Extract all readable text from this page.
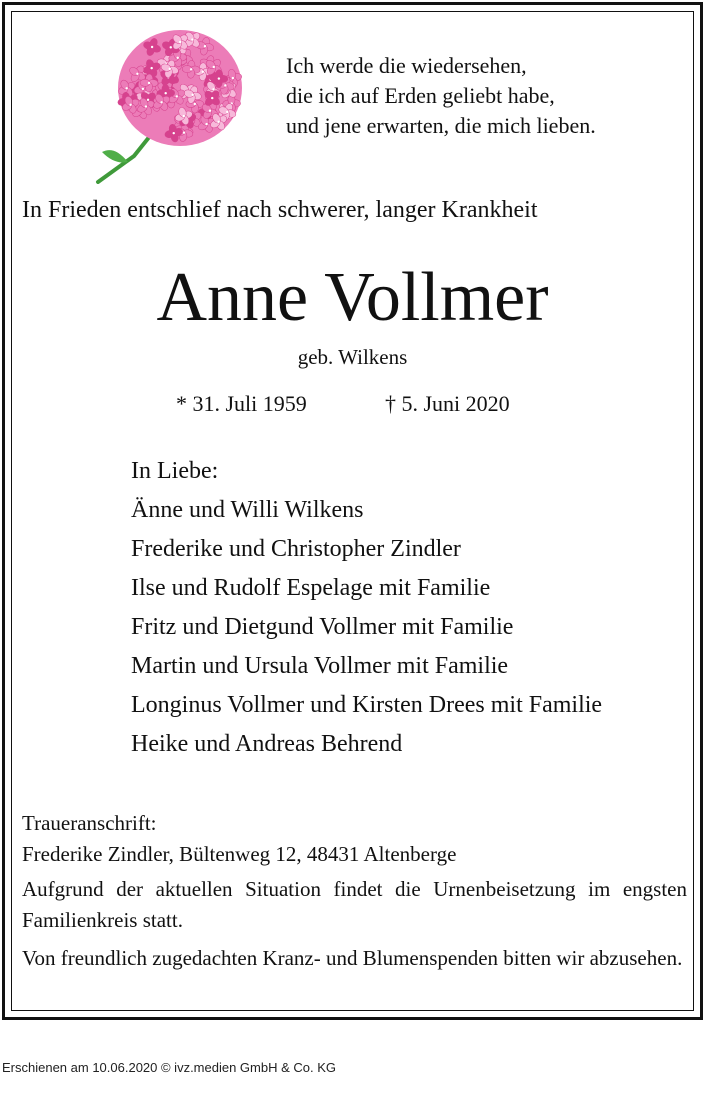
Ich werde die wiedersehen,
die ich auf Erden geliebt habe,
und jene erwarten, die mich lieben.
In Frieden entschlief nach schwerer, langer Krankheit
Anne Vollmer
geb. Wilkens
* 31. Juli 1959	† 5. Juni 2020
In Liebe:
Änne und Willi Wilkens
Frederike und Christopher Zindler
Ilse und Rudolf Espelage mit Familie
Fritz und Dietgund Vollmer mit Familie
Martin und Ursula Vollmer mit Familie
Longinus Vollmer und Kirsten Drees mit Familie
Heike und Andreas Behrend
Traueranschrift:
Frederike Zindler, Bültenweg 12, 48431 Altenberge
Aufgrund der aktuellen Situation findet die Urnenbeisetzung im engsten Familienkreis statt.
Von freundlich zugedachten Kranz- und Blumenspenden bitten wir abzusehen.
Erschienen am 10.06.2020 © ivz.medien GmbH & Co. KG
